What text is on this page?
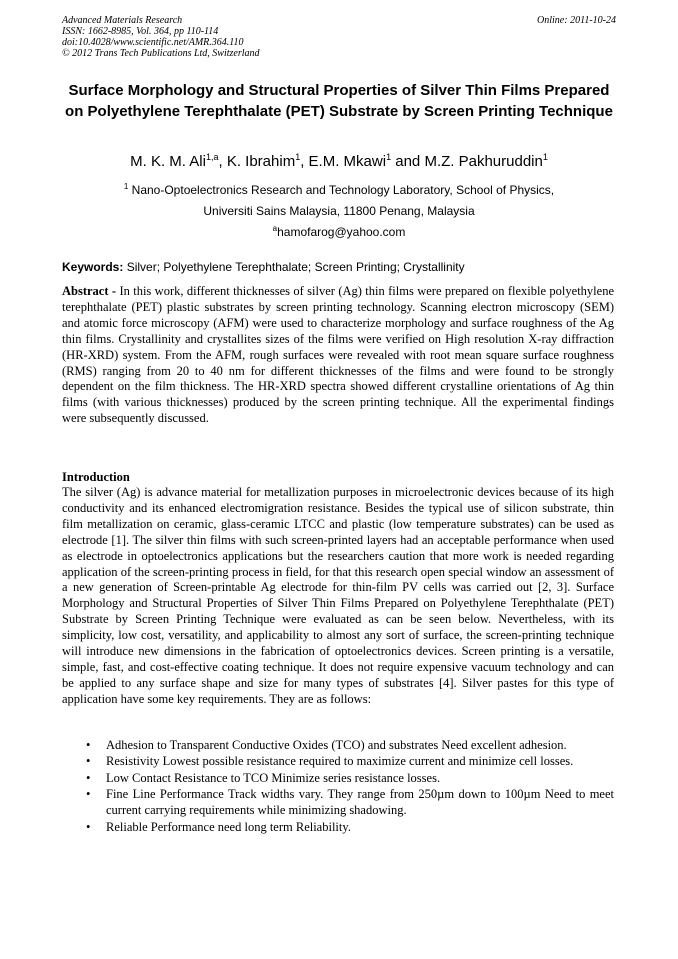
Advanced Materials Research
ISSN: 1662-8985, Vol. 364, pp 110-114
doi:10.4028/www.scientific.net/AMR.364.110
© 2012 Trans Tech Publications Ltd, Switzerland
Online: 2011-10-24
Surface Morphology and Structural Properties of Silver Thin Films Prepared on Polyethylene Terephthalate (PET) Substrate by Screen Printing Technique
M. K. M. Ali$^{1,a}$, K. Ibrahim$^1$, E.M. Mkawi$^1$ and M.Z. Pakhuruddin$^1$
$^1$ Nano-Optoelectronics Research and Technology Laboratory, School of Physics,
Universiti Sains Malaysia, 11800 Penang, Malaysia
$^a$hamofarog@yahoo.com
Keywords: Silver; Polyethylene Terephthalate; Screen Printing; Crystallinity
Abstract - In this work, different thicknesses of silver (Ag) thin films were prepared on flexible polyethylene terephthalate (PET) plastic substrates by screen printing technology. Scanning electron microscopy (SEM) and atomic force microscopy (AFM) were used to characterize morphology and surface roughness of the Ag thin films. Crystallinity and crystallites sizes of the films were verified on High resolution X-ray diffraction (HR-XRD) system. From the AFM, rough surfaces were revealed with root mean square surface roughness (RMS) ranging from 20 to 40 nm for different thicknesses of the films and were found to be strongly dependent on the film thickness. The HR-XRD spectra showed different crystalline orientations of Ag thin films (with various thicknesses) produced by the screen printing technique. All the experimental findings were subsequently discussed.
Introduction
The silver (Ag) is advance material for metallization purposes in microelectronic devices because of its high conductivity and its enhanced electromigration resistance. Besides the typical use of silicon substrate, thin film metallization on ceramic, glass-ceramic LTCC and plastic (low temperature substrates) can be used as electrode [1]. The silver thin films with such screen-printed layers had an acceptable performance when used as electrode in optoelectronics applications but the researchers caution that more work is needed regarding application of the screen-printing process in field, for that this research open special window an assessment of a new generation of Screen-printable Ag electrode for thin-film PV cells was carried out [2, 3]. Surface Morphology and Structural Properties of Silver Thin Films Prepared on Polyethylene Terephthalate (PET) Substrate by Screen Printing Technique were evaluated as can be seen below. Nevertheless, with its simplicity, low cost, versatility, and applicability to almost any sort of surface, the screen-printing technique will introduce new dimensions in the fabrication of optoelectronics devices. Screen printing is a versatile, simple, fast, and cost-effective coating technique. It does not require expensive vacuum technology and can be applied to any surface shape and size for many types of substrates [4]. Silver pastes for this type of application have some key requirements. They are as follows:
• Adhesion to Transparent Conductive Oxides (TCO) and substrates Need excellent adhesion.
• Resistivity Lowest possible resistance required to maximize current and minimize cell losses.
• Low Contact Resistance to TCO Minimize series resistance losses.
• Fine Line Performance Track widths vary. They range from 250µm down to 100µm Need to meet current carrying requirements while minimizing shadowing.
• Reliable Performance need long term Reliability.
